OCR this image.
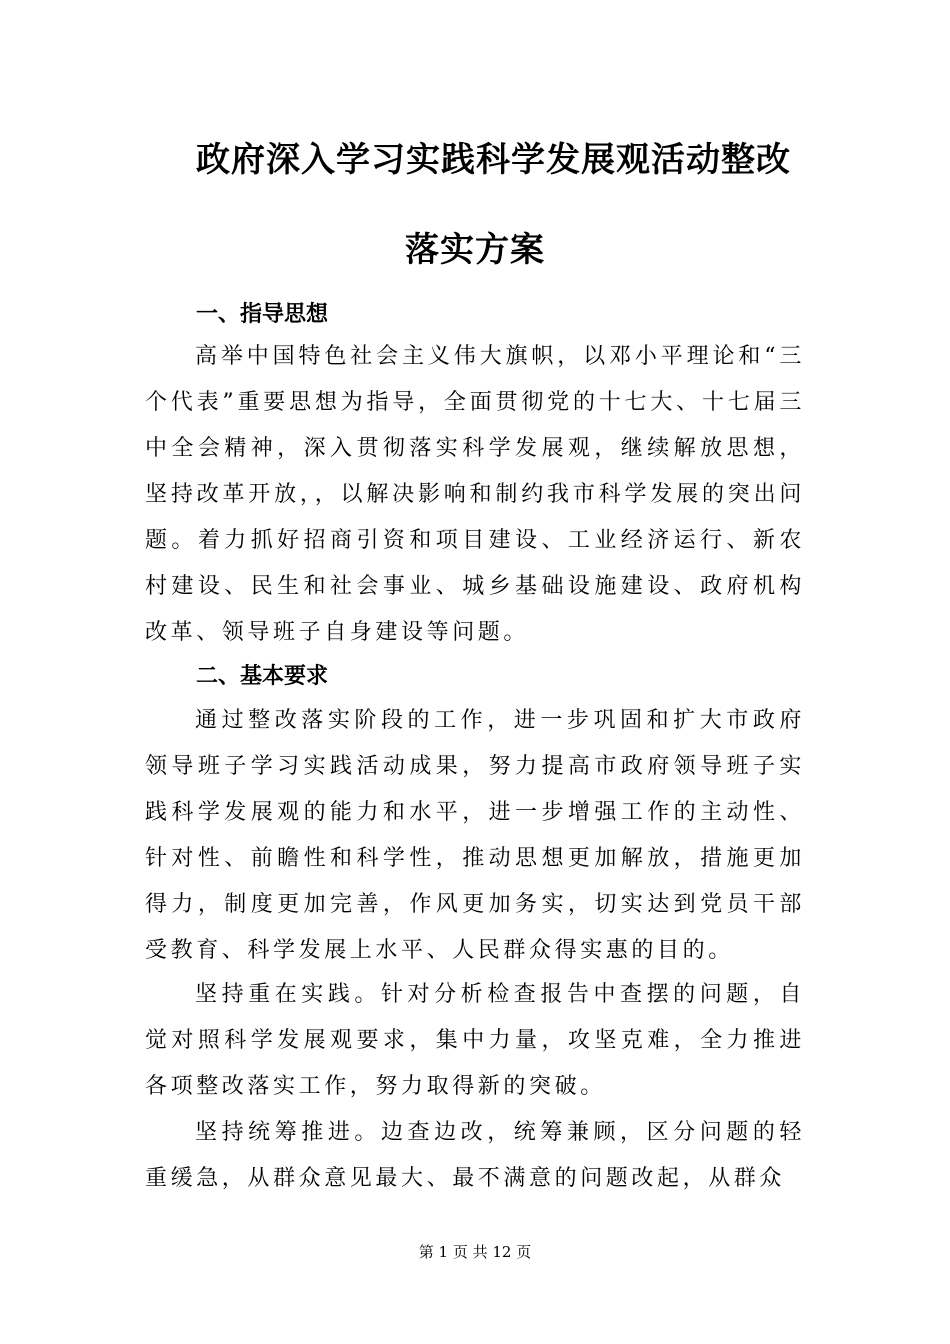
政府深入学习实践科学发展观活动整改
落实方案
一、指导思想

高举中国特色社会主义伟大旗帜，以邓小平理论和“三个代表”重要思想为指导，全面贯彻党的十七大、十七届三中全会精神，深入贯彻落实科学发展观，继续解放思想，坚持改革开放，，以解决影响和制约我市科学发展的突出问题。着力抓好招商引资和项目建设、工业经济运行、新农村建设、民生和社会事业、城乡基础设施建设、政府机构改革、领导班子自身建设等问题。

二、基本要求

通过整改落实阶段的工作，进一步巩固和扩大市政府领导班子学习实践活动成果，努力提高市政府领导班子实践科学发展观的能力和水平，进一步增强工作的主动性、针对性、前瞻性和科学性，推动思想更加解放，措施更加得力，制度更加完善，作风更加务实，切实达到党员干部受教育、科学发展上水平、人民群众得实惠的目的。

坚持重在实践。针对分析检查报告中查摆的问题，自觉对照科学发展观要求，集中力量，攻坚克难，全力推进各项整改落实工作，努力取得新的突破。

坚持统筹推进。边查边改，统筹兼顾，区分问题的轻重缓急，从群众意见最大、最不满意的问题改起，从群众

第 1 页 共 12 页
